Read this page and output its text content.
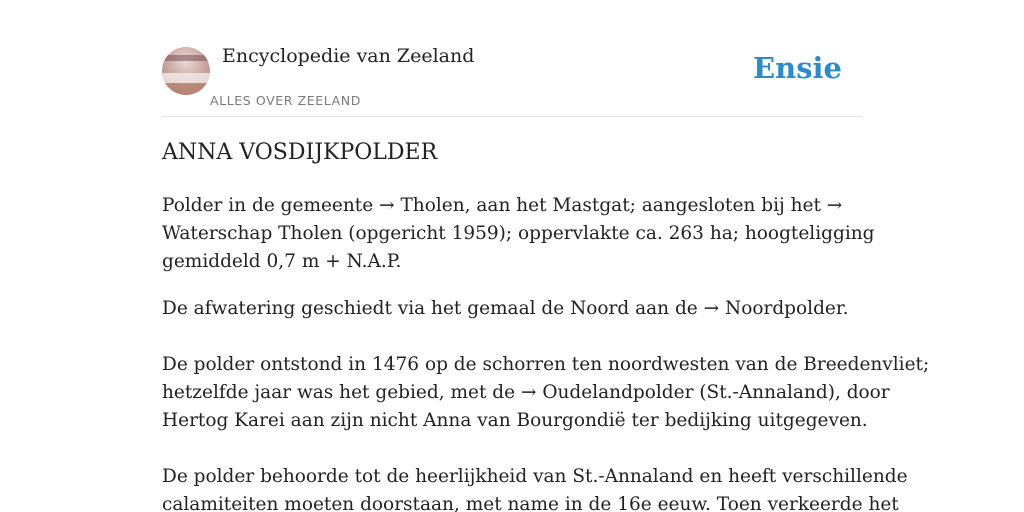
Encyclopedie van Zeeland
ALLES OVER ZEELAND
Ensie
ANNA VOSDIJKPOLDER

Polder in de gemeente → Tholen, aan het Mastgat; aangesloten bij het →

Waterschap Tholen (opgericht 1959); oppervlakte ca. 263 ha; hoogteligging

gemiddeld 0,7 m + N.A.P.

De afwatering geschiedt via het gemaal de Noord aan de → Noordpolder.

De polder ontstond in 1476 op de schorren ten noordwesten van de Breedenvliet;

hetzelfde jaar was het gebied, met de → Oudelandpolder (St.-Annaland), door

Hertog Karei aan zijn nicht Anna van Bourgondië ter bedijking uitgegeven.

De polder behoorde tot de heerlijkheid van St.-Annaland en heeft verschillende

calamiteiten moeten doorstaan, met name in de 16e eeuw. Toen verkeerde het
